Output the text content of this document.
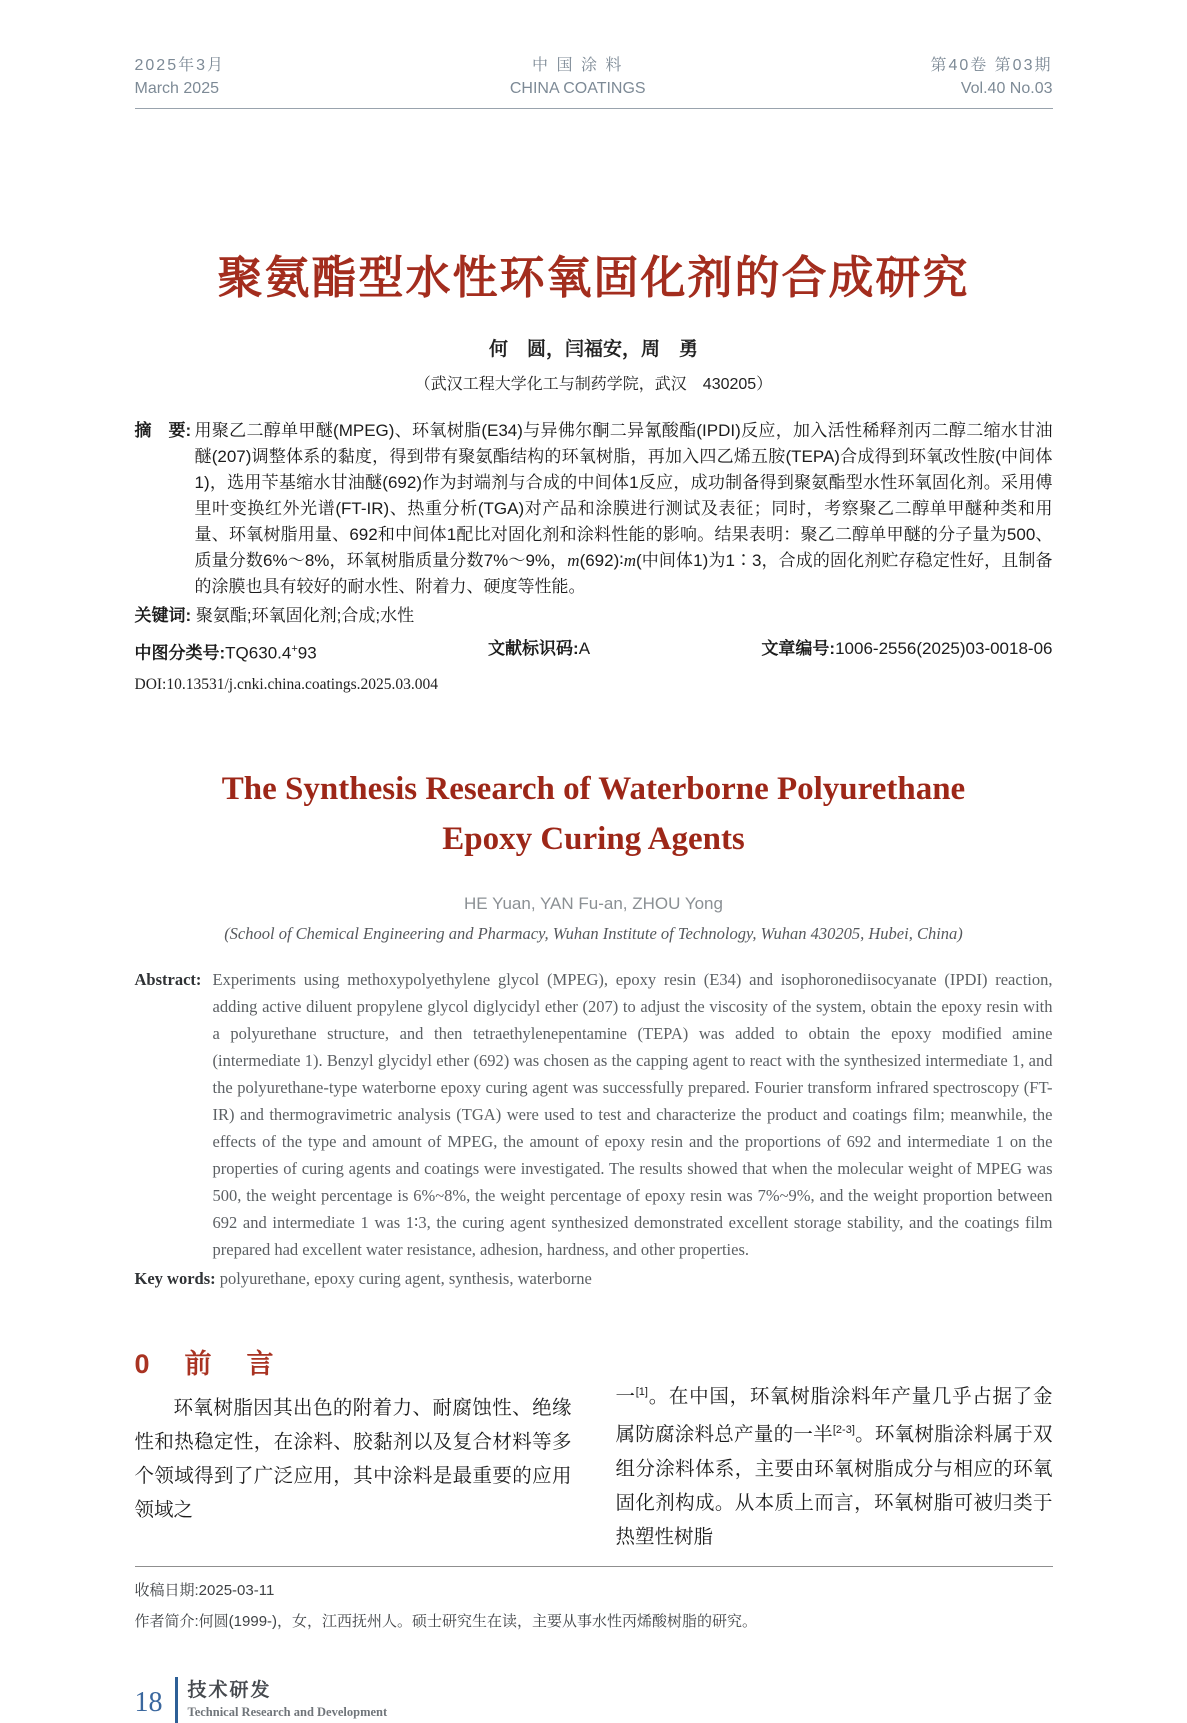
2025年3月
March 2025
中 国 涂 料
CHINA COATINGS
第40卷 第03期
Vol.40 No.03
聚氨酯型水性环氧固化剂的合成研究
何　圆，闫福安，周　勇
（武汉工程大学化工与制药学院，武汉　430205）
摘　要: 用聚乙二醇单甲醚(MPEG)、环氧树脂(E34)与异佛尔酮二异氰酸酯(IPDI)反应，加入活性稀释剂丙二醇二缩水甘油醚(207)调整体系的黏度，得到带有聚氨酯结构的环氧树脂，再加入四乙烯五胺(TEPA)合成得到环氧改性胺(中间体1)，选用苄基缩水甘油醚(692)作为封端剂与合成的中间体1反应，成功制备得到聚氨酯型水性环氧固化剂。采用傅里叶变换红外光谱(FT-IR)、热重分析(TGA)对产品和涂膜进行测试及表征；同时，考察聚乙二醇单甲醚种类和用量、环氧树脂用量、692和中间体1配比对固化剂和涂料性能的影响。结果表明：聚乙二醇单甲醚的分子量为500、质量分数6%～8%，环氧树脂质量分数7%～9%，m(692)∶m(中间体1)为1∶3，合成的固化剂贮存稳定性好，且制备的涂膜也具有较好的耐水性、附着力、硬度等性能。
关键词: 聚氨酯;环氧固化剂;合成;水性
中图分类号:TQ630.4+93	文献标识码:A	文章编号:1006-2556(2025)03-0018-06
DOI:10.13531/j.cnki.china.coatings.2025.03.004
The Synthesis Research of Waterborne Polyurethane Epoxy Curing Agents
HE Yuan, YAN Fu-an, ZHOU Yong
(School of Chemical Engineering and Pharmacy, Wuhan Institute of Technology, Wuhan 430205, Hubei, China)
Abstract: Experiments using methoxypolyethylene glycol (MPEG), epoxy resin (E34) and isophoronediisocyanate (IPDI) reaction, adding active diluent propylene glycol diglycidyl ether (207) to adjust the viscosity of the system, obtain the epoxy resin with a polyurethane structure, and then tetraethylenepentamine (TEPA) was added to obtain the epoxy modified amine (intermediate 1). Benzyl glycidyl ether (692) was chosen as the capping agent to react with the synthesized intermediate 1, and the polyurethane-type waterborne epoxy curing agent was successfully prepared. Fourier transform infrared spectroscopy (FT-IR) and thermogravimetric analysis (TGA) were used to test and characterize the product and coatings film; meanwhile, the effects of the type and amount of MPEG, the amount of epoxy resin and the proportions of 692 and intermediate 1 on the properties of curing agents and coatings were investigated. The results showed that when the molecular weight of MPEG was 500, the weight percentage is 6%~8%, the weight percentage of epoxy resin was 7%~9%, and the weight proportion between 692 and intermediate 1 was 1∶3, the curing agent synthesized demonstrated excellent storage stability, and the coatings film prepared had excellent water resistance, adhesion, hardness, and other properties.
Key words: polyurethane, epoxy curing agent, synthesis, waterborne
0　前　言

环氧树脂因其出色的附着力、耐腐蚀性、绝缘性和热稳定性，在涂料、胶黏剂以及复合材料等多个领域得到了广泛应用，其中涂料是最重要的应用领域之

一[1]。在中国，环氧树脂涂料年产量几乎占据了金属防腐涂料总产量的一半[2-3]。环氧树脂涂料属于双组分涂料体系，主要由环氧树脂成分与相应的环氧固化剂构成。从本质上而言，环氧树脂可被归类于热塑性树脂

收稿日期:2025-03-11
作者简介:何圆(1999-)，女，江西抚州人。硕士研究生在读，主要从事水性丙烯酸树脂的研究。
18 技术研发
Technical Research and Development
